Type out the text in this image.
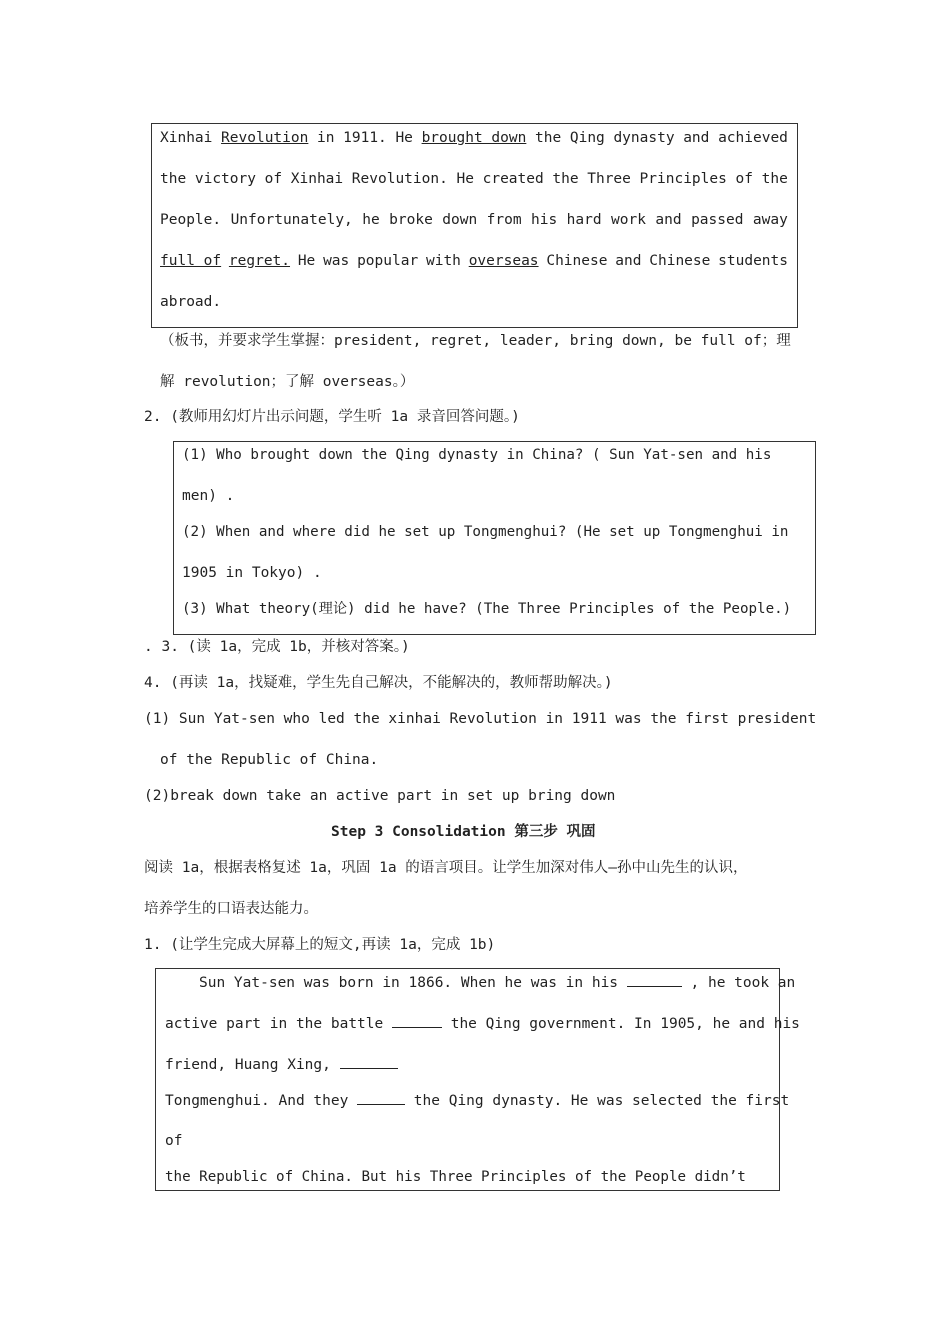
Xinhai Revolution in 1911. He brought down the Qing dynasty and achieved
the victory of Xinhai Revolution. He created the Three Principles of the
People. Unfortunately, he broke down from his hard work and passed away
full of regret. He was popular with overseas Chinese and Chinese students
abroad.
（板书，并要求学生掌握：president, regret, leader, bring down, be full of；理
解 revolution；了解 overseas。）
2. (教师用幻灯片出示问题，学生听 1a 录音回答问题。)
(1) Who brought down the Qing dynasty in China? ( Sun Yat-sen and his
men) .
(2) When and where did he set up Tongmenghui? (He set up Tongmenghui in
1905 in Tokyo) .
(3) What theory(理论) did he have? (The Three Principles of the People.)
. 3. (读 1a，完成 1b，并核对答案。)
4. (再读 1a，找疑难，学生先自己解决，不能解决的，教师帮助解决。)
(1) Sun Yat-sen who led the xinhai Revolution in 1911 was the first president
of the Republic of China.
(2)break down take an active part in set up bring down
Step 3 Consolidation 第三步 巩固
阅读 1a，根据表格复述 1a，巩固 1a 的语言项目。让学生加深对伟人—孙中山先生的认识，
培养学生的口语表达能力。
1. (让学生完成大屏幕上的短文,再读 1a，完成 1b)
Sun Yat-sen was born in 1866. When he was in his	, he took an
active part in the battle	the Qing government. In 1905, he and his
friend, Huang Xing,
Tongmenghui. And they	the Qing dynasty. He was selected the first
of
the Republic of China. But his Three Principles of the People didn’t
